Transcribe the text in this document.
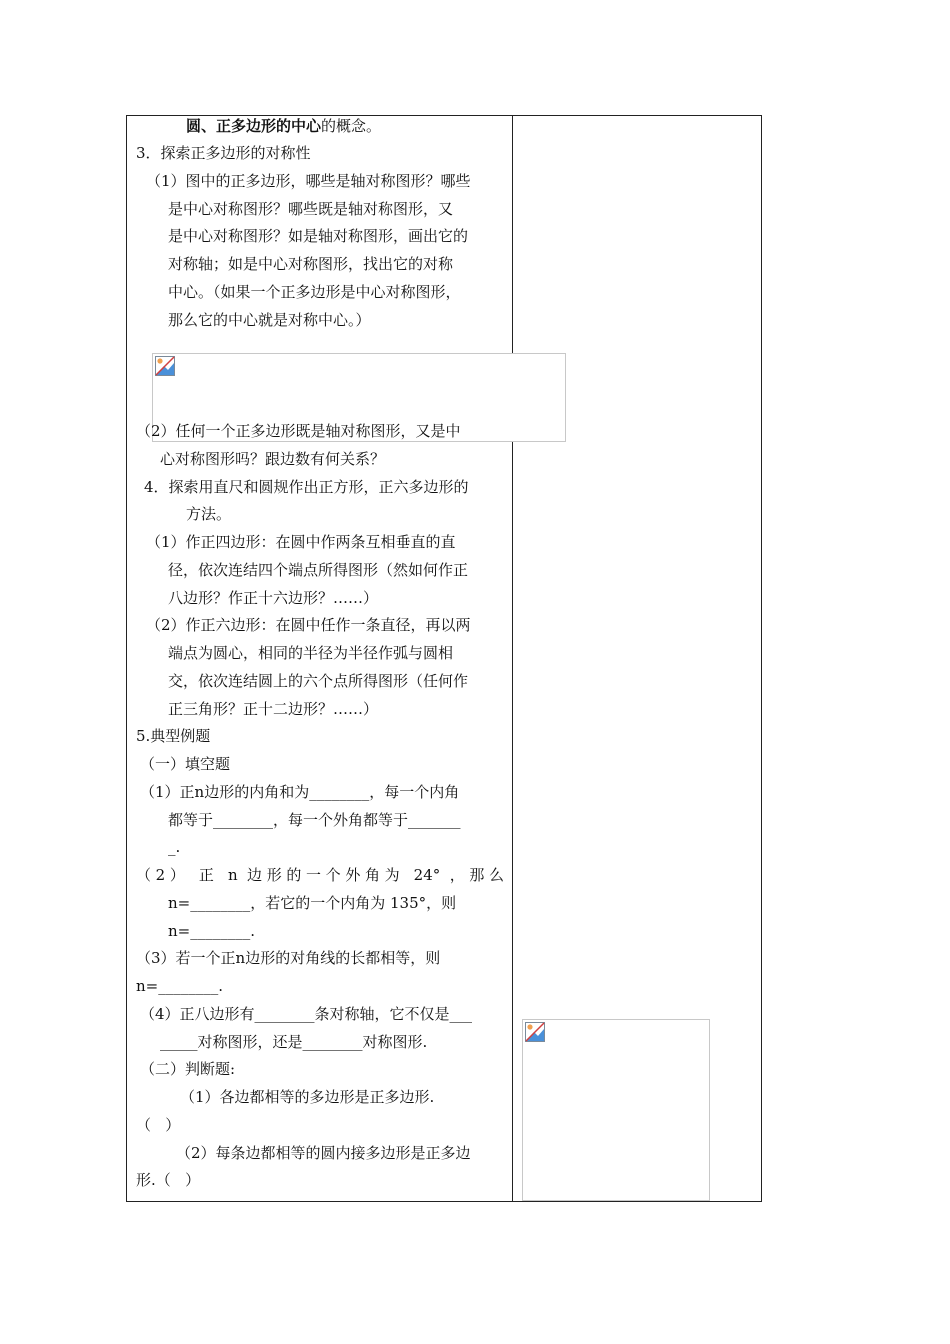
圆、正多边形的中心的概念。
3．探索正多边形的对称性
（1）图中的正多边形，哪些是轴对称图形？哪些
是中心对称图形？哪些既是轴对称图形，又
是中心对称图形？如是轴对称图形，画出它的
对称轴；如是中心对称图形，找出它的对称
中心。（如果一个正多边形是中心对称图形，
那么它的中心就是对称中心。）
（2）任何一个正多边形既是轴对称图形，又是中
心对称图形吗？跟边数有何关系？
4．探索用直尺和圆规作出正方形，正六多边形的
方法。
（1）作正四边形：在圆中作两条互相垂直的直
径，依次连结四个端点所得图形（然如何作正
八边形？作正十六边形？……）
（2）作正六边形：在圆中任作一条直径，再以两
端点为圆心，相同的半径为半径作弧与圆相
交，依次连结圆上的六个点所得图形（任何作
正三角形？正十二边形？……）
5.典型例题
（一）填空题
（1）正n边形的内角和为________，每一个内角
都等于________，每一个外角都等于_______
_.
（2） 正 n 边形的一个外角为 24° ，那么
n=________，若它的一个内角为 135°，则
n=________.
（3）若一个正n边形的对角线的长都相等，则
n=________.
（4）正八边形有________条对称轴，它不仅是___
_____对称图形，还是________对称图形.
（二）判断题:
（1）各边都相等的多边形是正多边形.
（   ）
（2）每条边都相等的圆内接多边形是正多边
形.（   ）
